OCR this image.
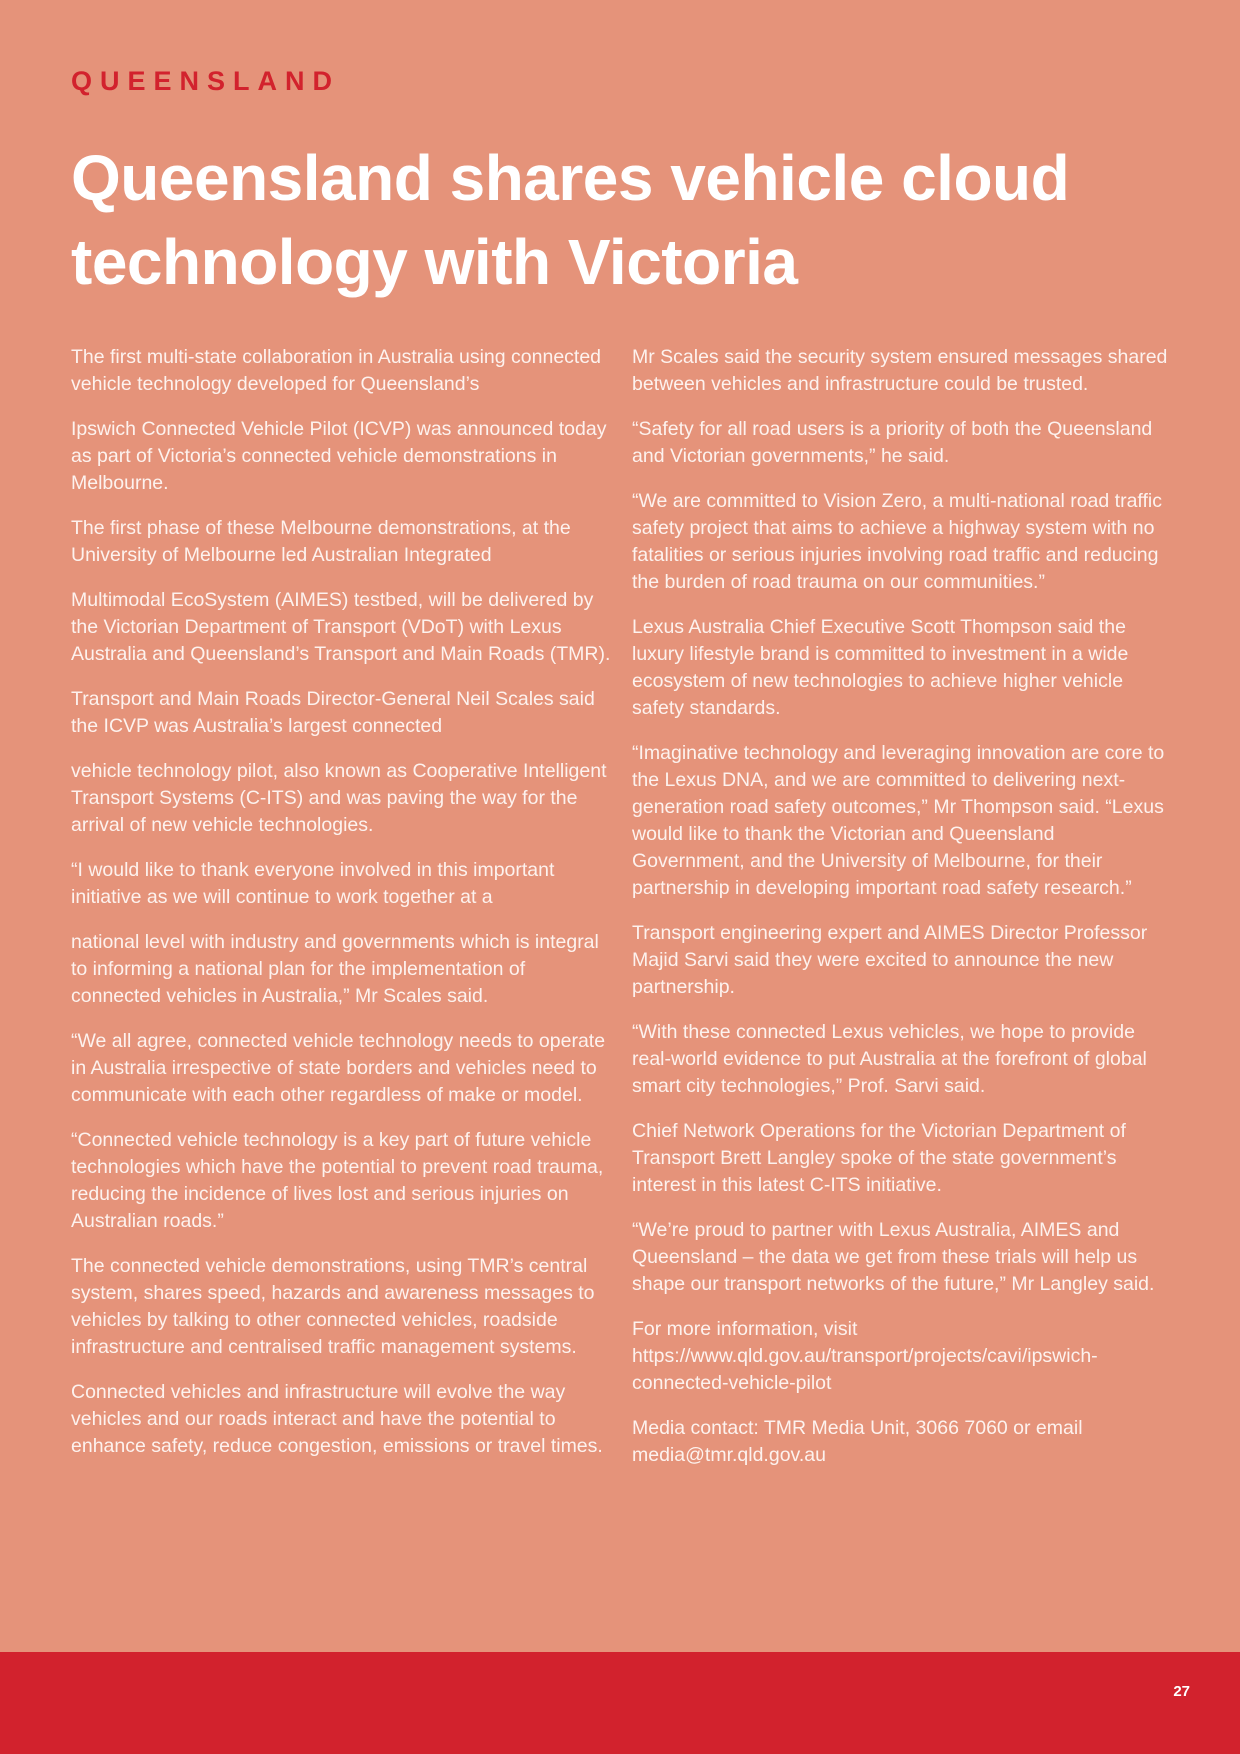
QUEENSLAND
Queensland shares vehicle cloud technology with Victoria

The first multi-state collaboration in Australia using connected vehicle technology developed for Queensland’s

Ipswich Connected Vehicle Pilot (ICVP) was announced today as part of Victoria’s connected vehicle demonstrations in Melbourne.

The first phase of these Melbourne demonstrations, at the University of Melbourne led Australian Integrated

Multimodal EcoSystem (AIMES) testbed, will be delivered by the Victorian Department of Transport (VDoT) with Lexus Australia and Queensland’s Transport and Main Roads (TMR).

Transport and Main Roads Director-General Neil Scales said the ICVP was Australia’s largest connected

vehicle technology pilot, also known as Cooperative Intelligent Transport Systems (C-ITS) and was paving the way for the arrival of new vehicle technologies.

“I would like to thank everyone involved in this important initiative as we will continue to work together at a

national level with industry and governments which is integral to informing a national plan for the implementation of connected vehicles in Australia,” Mr Scales said.

“We all agree, connected vehicle technology needs to operate in Australia irrespective of state borders and vehicles need to communicate with each other regardless of make or model.

“Connected vehicle technology is a key part of future vehicle technologies which have the potential to prevent road trauma, reducing the incidence of lives lost and serious injuries on Australian roads.”

The connected vehicle demonstrations, using TMR’s central system, shares speed, hazards and awareness messages to vehicles by talking to other connected vehicles, roadside infrastructure and centralised traffic management systems.

Connected vehicles and infrastructure will evolve the way vehicles and our roads interact and have the potential to enhance safety, reduce congestion, emissions or travel times.

Mr Scales said the security system ensured messages shared between vehicles and infrastructure could be trusted.

“Safety for all road users is a priority of both the Queensland and Victorian governments,” he said.

“We are committed to Vision Zero, a multi-national road traffic safety project that aims to achieve a highway system with no fatalities or serious injuries involving road traffic and reducing the burden of road trauma on our communities.”

Lexus Australia Chief Executive Scott Thompson said the luxury lifestyle brand is committed to investment in a wide ecosystem of new technologies to achieve higher vehicle safety standards.

“Imaginative technology and leveraging innovation are core to the Lexus DNA, and we are committed to delivering next-generation road safety outcomes,” Mr Thompson said. “Lexus would like to thank the Victorian and Queensland Government, and the University of Melbourne, for their partnership in developing important road safety research.”

Transport engineering expert and AIMES Director Professor Majid Sarvi said they were excited to announce the new partnership.

“With these connected Lexus vehicles, we hope to provide real-world evidence to put Australia at the forefront of global smart city technologies,” Prof. Sarvi said.

Chief Network Operations for the Victorian Department of Transport Brett Langley spoke of the state government’s interest in this latest C-ITS initiative.

“We’re proud to partner with Lexus Australia, AIMES and Queensland – the data we get from these trials will help us shape our transport networks of the future,” Mr Langley said.

For more information, visit https://www.qld.gov.au/transport/projects/cavi/ipswich-connected-vehicle-pilot

Media contact: TMR Media Unit, 3066 7060 or email media@tmr.qld.gov.au

27
